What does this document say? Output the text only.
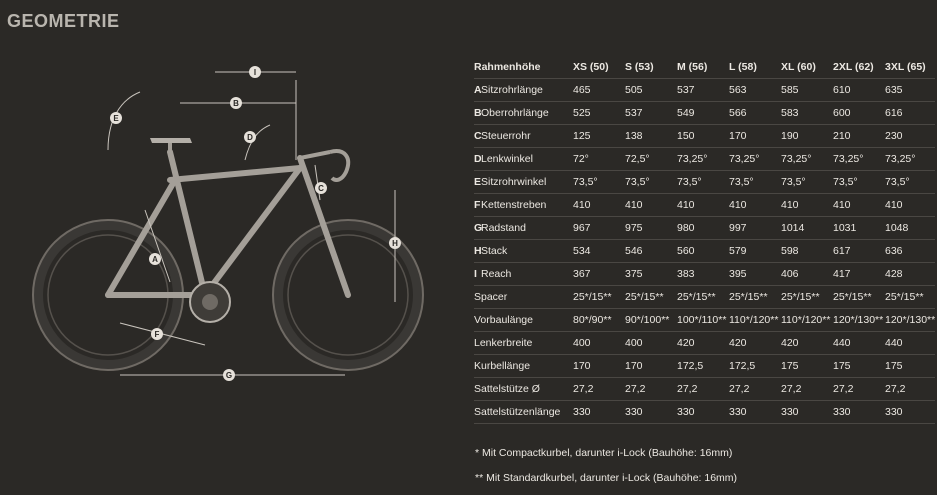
GEOMETRIE
I
B
E
D
C
H
A
F
G
Rahmenhöhe	XS (50)	S (53)	M (56)	L (58)	XL (60)	2XL (62)	3XL (65)
ASitzrohrlänge	465	505	537	563	585	610	635
BOberrohrlänge	525	537	549	566	583	600	616
CSteuerrohr	125	138	150	170	190	210	230
DLenkwinkel	72°	72,5°	73,25°	73,25°	73,25°	73,25°	73,25°
ESitzrohrwinkel	73,5°	73,5°	73,5°	73,5°	73,5°	73,5°	73,5°
FKettenstreben	410	410	410	410	410	410	410
GRadstand	967	975	980	997	1014	1031	1048
HStack	534	546	560	579	598	617	636
I Reach	367	375	383	395	406	417	428
Spacer	25*/15**	25*/15**	25*/15**	25*/15**	25*/15**	25*/15**	25*/15**
Vorbaulänge	80*/90**	90*/100**	100*/110**	110*/120**	110*/120**	120*/130**	120*/130**
Lenkerbreite	400	400	420	420	420	440	440
Kurbellänge	170	170	172,5	172,5	175	175	175
Sattelstütze Ø	27,2	27,2	27,2	27,2	27,2	27,2	27,2
Sattelstützenlänge	330	330	330	330	330	330	330
* Mit Compactkurbel, darunter i-Lock (Bauhöhe: 16mm)
** Mit Standardkurbel, darunter i-Lock (Bauhöhe: 16mm)
